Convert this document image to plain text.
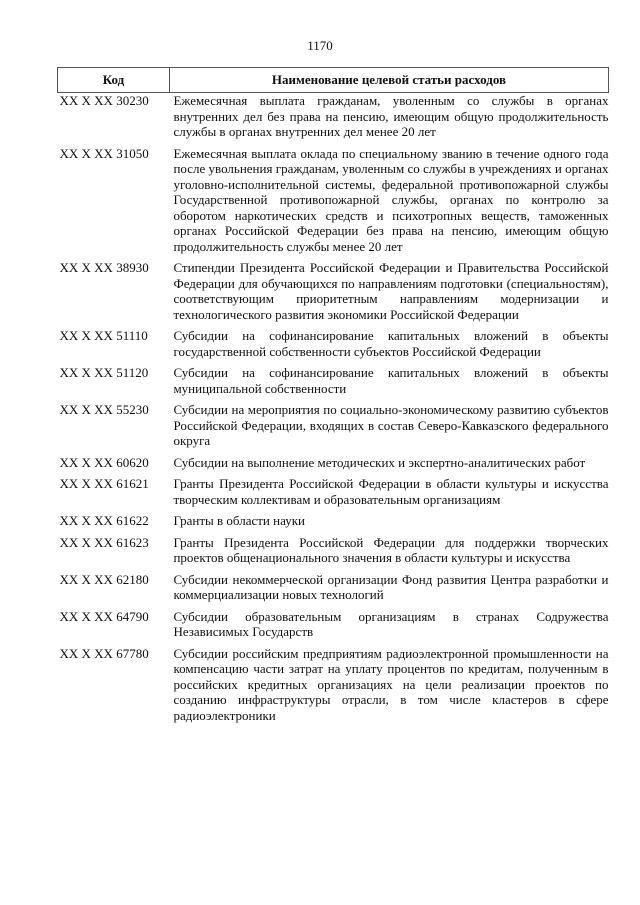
1170
Код	Наименование целевой статьи расходов
XX X XX 30230	Ежемесячная выплата гражданам, уволенным со службы в органах внутренних дел без права на пенсию, имеющим общую продолжительность службы в органах внутренних дел менее 20 лет
XX X XX 31050	Ежемесячная выплата оклада по специальному званию в течение одного года после увольнения гражданам, уволенным со службы в учреждениях и органах уголовно-исполнительной системы, федеральной противопожарной службы Государственной противопожарной службы, органах по контролю за оборотом наркотических средств и психотропных веществ, таможенных органах Российской Федерации без права на пенсию, имеющим общую продолжительность службы менее 20 лет
XX X XX 38930	Стипендии Президента Российской Федерации и Правительства Российской Федерации для обучающихся по направлениям подготовки (специальностям), соответствующим приоритетным направлениям модернизации и технологического развития экономики Российской Федерации
XX X XX 51110	Субсидии на софинансирование капитальных вложений в объекты государственной собственности субъектов Российской Федерации
XX X XX 51120	Субсидии на софинансирование капитальных вложений в объекты муниципальной собственности
XX X XX 55230	Субсидии на мероприятия по социально-экономическому развитию субъектов Российской Федерации, входящих в состав Северо-Кавказского федерального округа
XX X XX 60620	Субсидии на выполнение методических и экспертно-аналитических работ
XX X XX 61621	Гранты Президента Российской Федерации в области культуры и искусства творческим коллективам и образовательным организациям
XX X XX 61622	Гранты в области науки
XX X XX 61623	Гранты Президента Российской Федерации для поддержки творческих проектов общенационального значения в области культуры и искусства
XX X XX 62180	Субсидии некоммерческой организации Фонд развития Центра разработки и коммерциализации новых технологий
XX X XX 64790	Субсидии образовательным организациям в странах Содружества Независимых Государств
XX X XX 67780	Субсидии российским предприятиям радиоэлектронной промышленности на компенсацию части затрат на уплату процентов по кредитам, полученным в российских кредитных организациях на цели реализации проектов по созданию инфраструктуры отрасли, в том числе кластеров в сфере радиоэлектроники
